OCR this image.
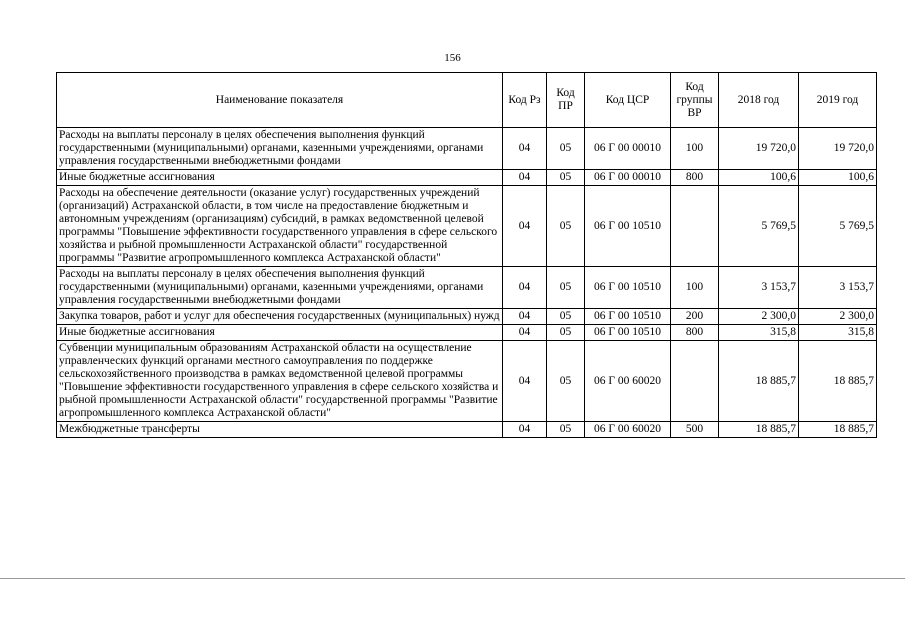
156
Наименование показателя	Код Рз	Код ПР	Код ЦСР	Код группы ВР	2018 год	2019 год
Расходы на выплаты персоналу в целях обеспечения выполнения функций государственными (муниципальными) органами, казенными учреждениями, органами управления государственными внебюджетными фондами	04	05	06 Г 00 00010	100	19 720,0	19 720,0
Иные бюджетные ассигнования	04	05	06 Г 00 00010	800	100,6	100,6
Расходы на обеспечение деятельности (оказание услуг) государственных учреждений (организаций) Астраханской области, в том числе на предоставление бюджетным и автономным учреждениям (организациям) субсидий, в рамках ведомственной целевой программы "Повышение эффективности государственного управления в сфере сельского хозяйства и рыбной промышленности Астраханской области" государственной программы "Развитие агропромышленного комплекса Астраханской области"	04	05	06 Г 00 10510		5 769,5	5 769,5
Расходы на выплаты персоналу в целях обеспечения выполнения функций государственными (муниципальными) органами, казенными учреждениями, органами управления государственными внебюджетными фондами	04	05	06 Г 00 10510	100	3 153,7	3 153,7
Закупка товаров, работ и услуг для обеспечения государственных (муниципальных) нужд	04	05	06 Г 00 10510	200	2 300,0	2 300,0
Иные бюджетные ассигнования	04	05	06 Г 00 10510	800	315,8	315,8
Субвенции муниципальным образованиям Астраханской области на осуществление управленческих функций органами местного самоуправления по поддержке сельскохозяйственного производства в рамках ведомственной целевой программы "Повышение эффективности государственного управления в сфере сельского хозяйства и рыбной промышленности Астраханской области" государственной программы "Развитие агропромышленного комплекса Астраханской области"	04	05	06 Г 00 60020		18 885,7	18 885,7
Межбюджетные трансферты	04	05	06 Г 00 60020	500	18 885,7	18 885,7
